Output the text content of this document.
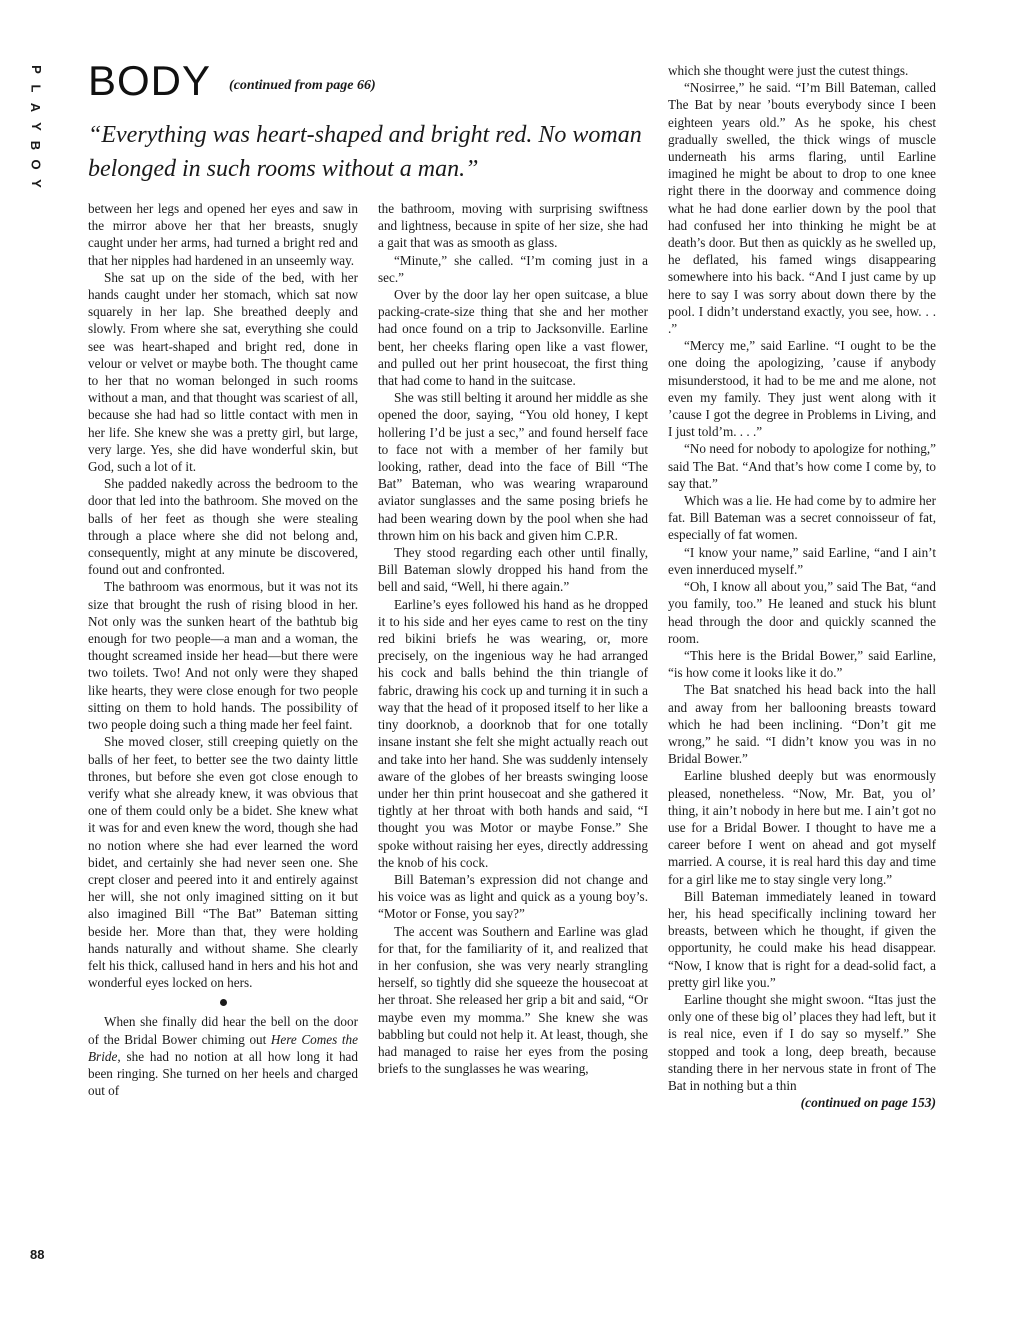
P
L
A
Y
B
O
Y
88
BODY (continued from page 66)

“Everything was heart-shaped and bright red. No woman belonged in such rooms without a man.”

between her legs and opened her eyes and saw in the mirror above her that her breasts, snugly caught under her arms, had turned a bright red and that her nipples had hardened in an unseemly way.

She sat up on the side of the bed, with her hands caught under her stomach, which sat now squarely in her lap. She breathed deeply and slowly. From where she sat, everything she could see was heart-shaped and bright red, done in velour or velvet or maybe both. The thought came to her that no woman belonged in such rooms without a man, and that thought was scariest of all, because she had had so little contact with men in her life. She knew she was a pretty girl, but large, very large. Yes, she did have wonderful skin, but God, such a lot of it.

She padded nakedly across the bedroom to the door that led into the bathroom. She moved on the balls of her feet as though she were stealing through a place where she did not belong and, consequently, might at any minute be discovered, found out and confronted.

The bathroom was enormous, but it was not its size that brought the rush of rising blood in her. Not only was the sunken heart of the bathtub big enough for two people—a man and a woman, the thought screamed inside her head—but there were two toilets. Two! And not only were they shaped like hearts, they were close enough for two people sitting on them to hold hands. The possibility of two people doing such a thing made her feel faint.

She moved closer, still creeping quietly on the balls of her feet, to better see the two dainty little thrones, but before she even got close enough to verify what she already knew, it was obvious that one of them could only be a bidet. She knew what it was for and even knew the word, though she had no notion where she had ever learned the word bidet, and certainly she had never seen one. She crept closer and peered into it and entirely against her will, she not only imagined sitting on it but also imagined Bill “The Bat” Bateman sitting beside her. More than that, they were holding hands naturally and without shame. She clearly felt his thick, callused hand in hers and his hot and wonderful eyes locked on hers.

When she finally did hear the bell on the door of the Bridal Bower chiming out Here Comes the Bride, she had no notion at all how long it had been ringing. She turned on her heels and charged out of

the bathroom, moving with surprising swiftness and lightness, because in spite of her size, she had a gait that was as smooth as glass.

“Minute,” she called. “I’m coming just in a sec.”

Over by the door lay her open suitcase, a blue packing-crate-size thing that she and her mother had once found on a trip to Jacksonville. Earline bent, her cheeks flaring open like a vast flower, and pulled out her print housecoat, the first thing that had come to hand in the suitcase.

She was still belting it around her middle as she opened the door, saying, “You old honey, I kept hollering I’d be just a sec,” and found herself face to face not with a member of her family but looking, rather, dead into the face of Bill “The Bat” Bateman, who was wearing wraparound aviator sunglasses and the same posing briefs he had been wearing down by the pool when she had thrown him on his back and given him C.P.R.

They stood regarding each other until finally, Bill Bateman slowly dropped his hand from the bell and said, “Well, hi there again.”

Earline’s eyes followed his hand as he dropped it to his side and her eyes came to rest on the tiny red bikini briefs he was wearing, or, more precisely, on the ingenious way he had arranged his cock and balls behind the thin triangle of fabric, drawing his cock up and turning it in such a way that the head of it proposed itself to her like a tiny doorknob, a doorknob that for one totally insane instant she felt she might actually reach out and take into her hand. She was suddenly intensely aware of the globes of her breasts swinging loose under her thin print housecoat and she gathered it tightly at her throat with both hands and said, “I thought you was Motor or maybe Fonse.” She spoke without raising her eyes, directly addressing the knob of his cock.

Bill Bateman’s expression did not change and his voice was as light and quick as a young boy’s. “Motor or Fonse, you say?”

The accent was Southern and Earline was glad for that, for the familiarity of it, and realized that in her confusion, she was very nearly strangling herself, so tightly did she squeeze the housecoat at her throat. She released her grip a bit and said, “Or maybe even my momma.” She knew she was babbling but could not help it. At least, though, she had managed to raise her eyes from the posing briefs to the sunglasses he was wearing,

which she thought were just the cutest things.

“Nosirree,” he said. “I’m Bill Bateman, called The Bat by near ’bouts everybody since I been eighteen years old.” As he spoke, his chest gradually swelled, the thick wings of muscle underneath his arms flaring, until Earline imagined he might be about to drop to one knee right there in the doorway and commence doing what he had done earlier down by the pool that had confused her into thinking he might be at death’s door. But then as quickly as he swelled up, he deflated, his famed wings disappearing somewhere into his back. “And I just came by up here to say I was sorry about down there by the pool. I didn’t understand exactly, you see, how. . . .”

“Mercy me,” said Earline. “I ought to be the one doing the apologizing, ’cause if anybody misunderstood, it had to be me and me alone, not even my family. They just went along with it ’cause I got the degree in Problems in Living, and I just told’m. . . .”

“No need for nobody to apologize for nothing,” said The Bat. “And that’s how come I come by, to say that.”

Which was a lie. He had come by to admire her fat. Bill Bateman was a secret connoisseur of fat, especially of fat women.

“I know your name,” said Earline, “and I ain’t even innerduced myself.”

“Oh, I know all about you,” said The Bat, “and you family, too.” He leaned and stuck his blunt head through the door and quickly scanned the room.

“This here is the Bridal Bower,” said Earline, “is how come it looks like it do.”

The Bat snatched his head back into the hall and away from her ballooning breasts toward which he had been inclining. “Don’t git me wrong,” he said. “I didn’t know you was in no Bridal Bower.”

Earline blushed deeply but was enormously pleased, nonetheless. “Now, Mr. Bat, you ol’ thing, it ain’t nobody in here but me. I ain’t got no use for a Bridal Bower. I thought to have me a career before I went on ahead and got myself married. A course, it is real hard this day and time for a girl like me to stay single very long.”

Bill Bateman immediately leaned in toward her, his head specifically inclining toward her breasts, between which he thought, if given the opportunity, he could make his head disappear. “Now, I know that is right for a dead-solid fact, a pretty girl like you.”

Earline thought she might swoon. “Itas just the only one of these big ol’ places they had left, but it is real nice, even if I do say so myself.” She stopped and took a long, deep breath, because standing there in her nervous state in front of The Bat in nothing but a thin

(continued on page 153)
